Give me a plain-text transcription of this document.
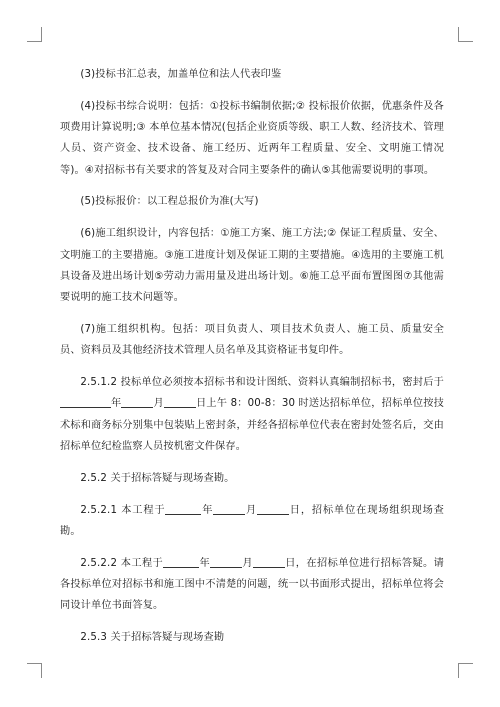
(3)投标书汇总表，加盖单位和法人代表印鉴

(4)投标书综合说明：包括：①投标书编制依据;② 投标报价依据，优惠条件及各项费用计算说明;③ 本单位基本情况(包括企业资质等级、职工人数、经济技术、管理人员、资产资金、技术设备、施工经历、近两年工程质量、安全、文明施工情况等)。④对招标书有关要求的答复及对合同主要条件的确认⑤其他需要说明的事项。

(5)投标报价：以工程总报价为准(大写)

(6)施工组织设计，内容包括：①施工方案、施工方法;② 保证工程质量、安全、文明施工的主要措施。③施工进度计划及保证工期的主要措施。④选用的主要施工机具设备及进出场计划⑤劳动力需用量及进出场计划。⑥施工总平面布置图图⑦其他需要说明的施工技术问题等。

(7)施工组织机构。包括：项目负责人、项目技术负责人、施工员、质量安全员、资料员及其他经济技术管理人员名单及其资格证书复印件。

2.5.1.2 投标单位必须按本招标书和设计图纸、资料认真编制招标书，密封后于年	月	日上午 8：00-8：30 时送达招标单位，招标单位按技术标和商务标分别集中包装贴上密封条，并经各招标单位代表在密封处签名后，交由招标单位纪检监察人员按机密文件保存。

2.5.2 关于招标答疑与现场查勘。

2.5.2.1 本工程于	年	月	日，招标单位在现场组织现场查勘。

2.5.2.2 本工程于	年	月	日，在招标单位进行招标答疑。请各投标单位对招标书和施工图中不清楚的问题，统一以书面形式提出，招标单位将会同设计单位书面答复。

2.5.3 关于招标答疑与现场查勘
